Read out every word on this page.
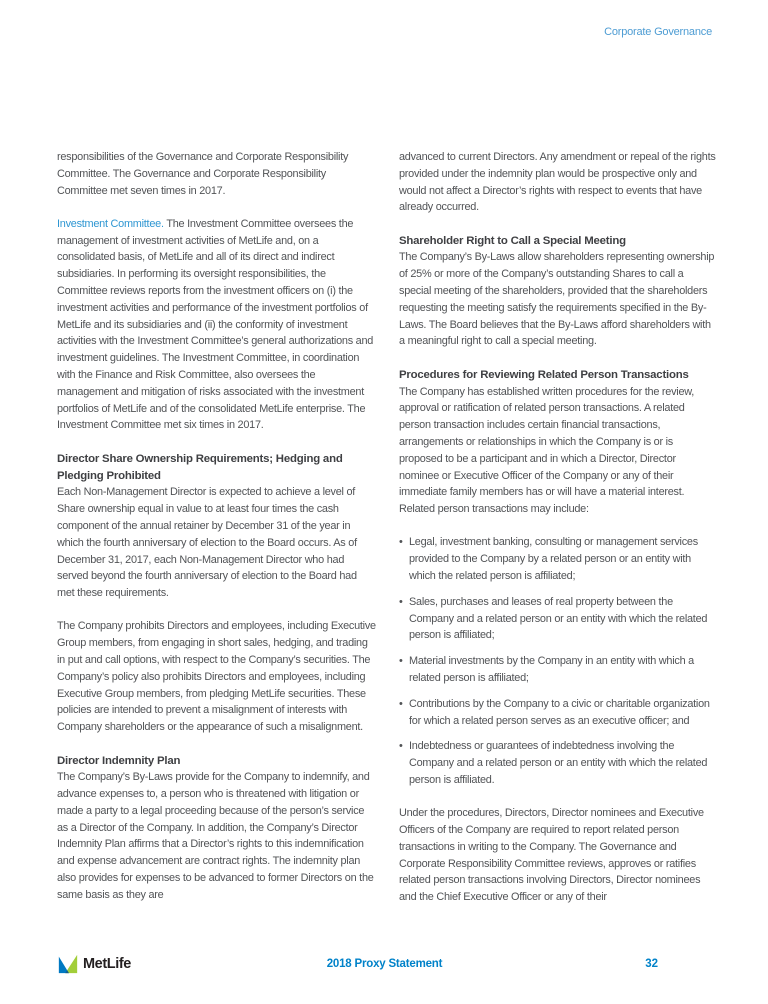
Corporate Governance

responsibilities of the Governance and Corporate Responsibility Committee. The Governance and Corporate Responsibility Committee met seven times in 2017.

Investment Committee. The Investment Committee oversees the management of investment activities of MetLife and, on a consolidated basis, of MetLife and all of its direct and indirect subsidiaries. In performing its oversight responsibilities, the Committee reviews reports from the investment officers on (i) the investment activities and performance of the investment portfolios of MetLife and its subsidiaries and (ii) the conformity of investment activities with the Investment Committee’s general authorizations and investment guidelines. The Investment Committee, in coordination with the Finance and Risk Committee, also oversees the management and mitigation of risks associated with the investment portfolios of MetLife and of the consolidated MetLife enterprise. The Investment Committee met six times in 2017.

Director Share Ownership Requirements; Hedging and Pledging Prohibited

Each Non-Management Director is expected to achieve a level of Share ownership equal in value to at least four times the cash component of the annual retainer by December 31 of the year in which the fourth anniversary of election to the Board occurs. As of December 31, 2017, each Non-Management Director who had served beyond the fourth anniversary of election to the Board had met these requirements.

The Company prohibits Directors and employees, including Executive Group members, from engaging in short sales, hedging, and trading in put and call options, with respect to the Company’s securities. The Company’s policy also prohibits Directors and employees, including Executive Group members, from pledging MetLife securities. These policies are intended to prevent a misalignment of interests with Company shareholders or the appearance of such a misalignment.

Director Indemnity Plan

The Company’s By-Laws provide for the Company to indemnify, and advance expenses to, a person who is threatened with litigation or made a party to a legal proceeding because of the person’s service as a Director of the Company. In addition, the Company’s Director Indemnity Plan affirms that a Director’s rights to this indemnification and expense advancement are contract rights. The indemnity plan also provides for expenses to be advanced to former Directors on the same basis as they are

advanced to current Directors. Any amendment or repeal of the rights provided under the indemnity plan would be prospective only and would not affect a Director’s rights with respect to events that have already occurred.

Shareholder Right to Call a Special Meeting

The Company’s By-Laws allow shareholders representing ownership of 25% or more of the Company’s outstanding Shares to call a special meeting of the shareholders, provided that the shareholders requesting the meeting satisfy the requirements specified in the By-Laws. The Board believes that the By-Laws afford shareholders with a meaningful right to call a special meeting.

Procedures for Reviewing Related Person Transactions

The Company has established written procedures for the review, approval or ratification of related person transactions. A related person transaction includes certain financial transactions, arrangements or relationships in which the Company is or is proposed to be a participant and in which a Director, Director nominee or Executive Officer of the Company or any of their immediate family members has or will have a material interest. Related person transactions may include:

• Legal, investment banking, consulting or management services provided to the Company by a related person or an entity with which the related person is affiliated;
• Sales, purchases and leases of real property between the Company and a related person or an entity with which the related person is affiliated;
• Material investments by the Company in an entity with which a related person is affiliated;
• Contributions by the Company to a civic or charitable organization for which a related person serves as an executive officer; and
• Indebtedness or guarantees of indebtedness involving the Company and a related person or an entity with which the related person is affiliated.

Under the procedures, Directors, Director nominees and Executive Officers of the Company are required to report related person transactions in writing to the Company. The Governance and Corporate Responsibility Committee reviews, approves or ratifies related person transactions involving Directors, Director nominees and the Chief Executive Officer or any of their

MetLife	2018 Proxy Statement	32
